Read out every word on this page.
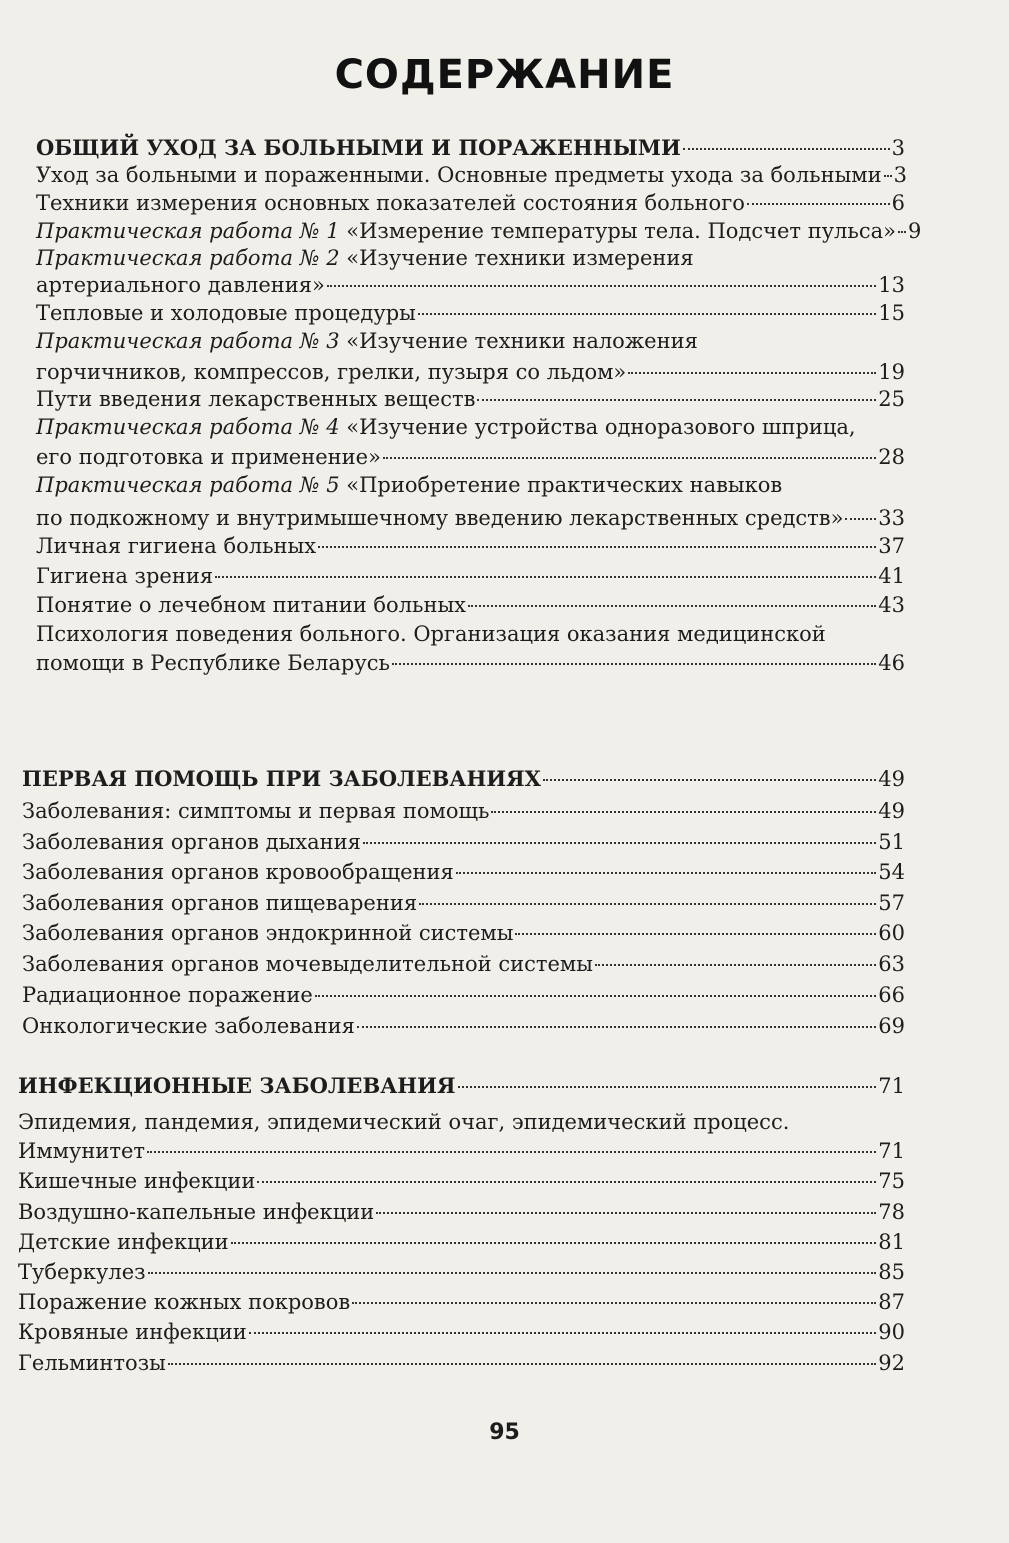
СОДЕРЖАНИЕ
ОБЩИЙ УХОД ЗА БОЛЬНЫМИ И ПОРАЖЕННЫМИ	3
Уход за больными и пораженными. Основные предметы ухода за больными 3
Техники измерения основных показателей состояния больного	6
Практическая работа № 1 «Измерение температуры тела. Подсчет пульса» 9
Практическая работа № 2 «Изучение техники измерения
артериального давления»	13
Тепловые и холодовые процедуры	15
Практическая работа № 3 «Изучение техники наложения
горчичников, компрессов, грелки, пузыря со льдом»	19
Пути введения лекарственных веществ	25
Практическая работа № 4 «Изучение устройства одноразового шприца,
его подготовка и применение»	28
Практическая работа № 5 «Приобретение практических навыков
по подкожному и внутримышечному введению лекарственных средств» 33
Личная гигиена больных	37
Гигиена зрения	41
Понятие о лечебном питании больных	43
Психология поведения больного. Организация оказания медицинской
помощи в Республике Беларусь	46
ПЕРВАЯ ПОМОЩЬ ПРИ ЗАБОЛЕВАНИЯХ	49
Заболевания: симптомы и первая помощь	49
Заболевания органов дыхания	51
Заболевания органов кровообращения	54
Заболевания органов пищеварения	57
Заболевания органов эндокринной системы	60
Заболевания органов мочевыделительной системы	63
Радиационное поражение	66
Онкологические заболевания	69
ИНФЕКЦИОННЫЕ ЗАБОЛЕВАНИЯ	71
Эпидемия, пандемия, эпидемический очаг, эпидемический процесс.
Иммунитет	71
Кишечные инфекции	75
Воздушно-капельные инфекции	78
Детские инфекции	81
Туберкулез	85
Поражение кожных покровов	87
Кровяные инфекции	90
Гельминтозы	92
95
